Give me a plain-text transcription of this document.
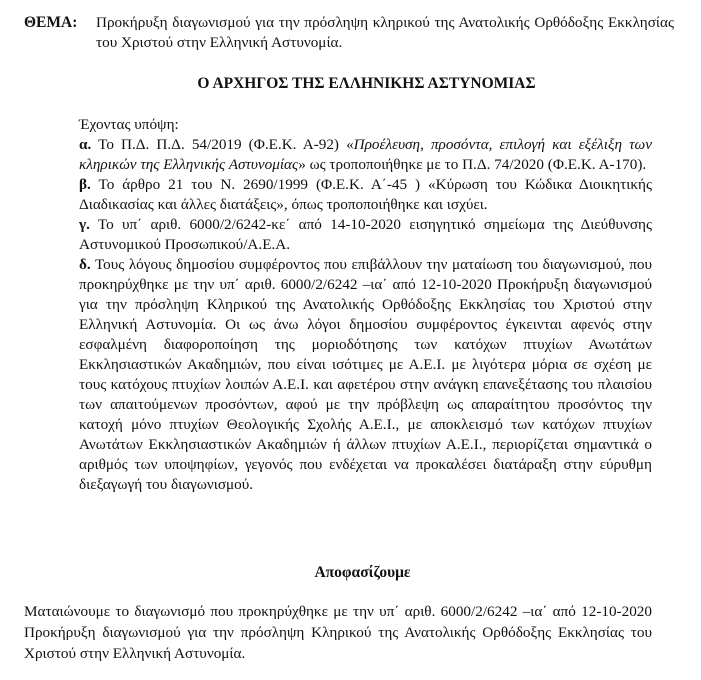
ΘΕΜΑ:	Προκήρυξη διαγωνισμού για την πρόσληψη κληρικού της Ανατολικής Ορθόδοξης Εκκλησίας του Χριστού στην Ελληνική Αστυνομία.
Ο ΑΡΧΗΓΟΣ ΤΗΣ ΕΛΛΗΝΙΚΗΣ ΑΣΤΥΝΟΜΙΑΣ

Έχοντας υπόψη:

α. Το Π.Δ. Π.Δ. 54/2019 (Φ.Ε.Κ. Α-92) «Προέλευση, προσόντα, επιλογή και εξέλιξη των κληρικών της Ελληνικής Αστυνομίας» ως τροποποιήθηκε με το Π.Δ. 74/2020 (Φ.Ε.Κ. Α-170).

β. Το άρθρο 21 του Ν. 2690/1999 (Φ.Ε.Κ. Α΄-45 ) «Κύρωση του Κώδικα Διοικητικής Διαδικασίας και άλλες διατάξεις», όπως τροποποιήθηκε και ισχύει.

γ. Το υπ΄ αριθ. 6000/2/6242-κε΄ από 14-10-2020 εισηγητικό σημείωμα της Διεύθυνσης Αστυνομικού Προσωπικού/Α.Ε.Α.

δ. Τους λόγους δημοσίου συμφέροντος που επιβάλλουν την ματαίωση του διαγωνισμού, που προκηρύχθηκε με την υπ΄ αριθ. 6000/2/6242 –ια΄ από 12-10-2020 Προκήρυξη διαγωνισμού για την πρόσληψη Κληρικού της Ανατολικής Ορθόδοξης Εκκλησίας του Χριστού στην Ελληνική Αστυνομία. Οι ως άνω λόγοι δημοσίου συμφέροντος έγκεινται αφενός στην εσφαλμένη διαφοροποίηση της μοριοδότησης των κατόχων πτυχίων Ανωτάτων Εκκλησιαστικών Ακαδημιών, που είναι ισότιμες με Α.Ε.Ι. με λιγότερα μόρια σε σχέση με τους κατόχους πτυχίων λοιπών Α.Ε.Ι. και αφετέρου στην ανάγκη επανεξέτασης του πλαισίου των απαιτούμενων προσόντων, αφού με την πρόβλεψη ως απαραίτητου προσόντος την κατοχή μόνο πτυχίων Θεολογικής Σχολής Α.Ε.Ι., με αποκλεισμό των κατόχων πτυχίων Ανωτάτων Εκκλησιαστικών Ακαδημιών ή άλλων πτυχίων Α.Ε.Ι., περιορίζεται σημαντικά ο αριθμός των υποψηφίων, γεγονός που ενδέχεται να προκαλέσει διατάραξη στην εύρυθμη διεξαγωγή του διαγωνισμού.

Αποφασίζουμε

Ματαιώνουμε το διαγωνισμό που προκηρύχθηκε με την υπ΄ αριθ. 6000/2/6242 –ια΄ από 12-10-2020 Προκήρυξη διαγωνισμού για την πρόσληψη Κληρικού της Ανατολικής Ορθόδοξης Εκκλησίας του Χριστού στην Ελληνική Αστυνομία.
